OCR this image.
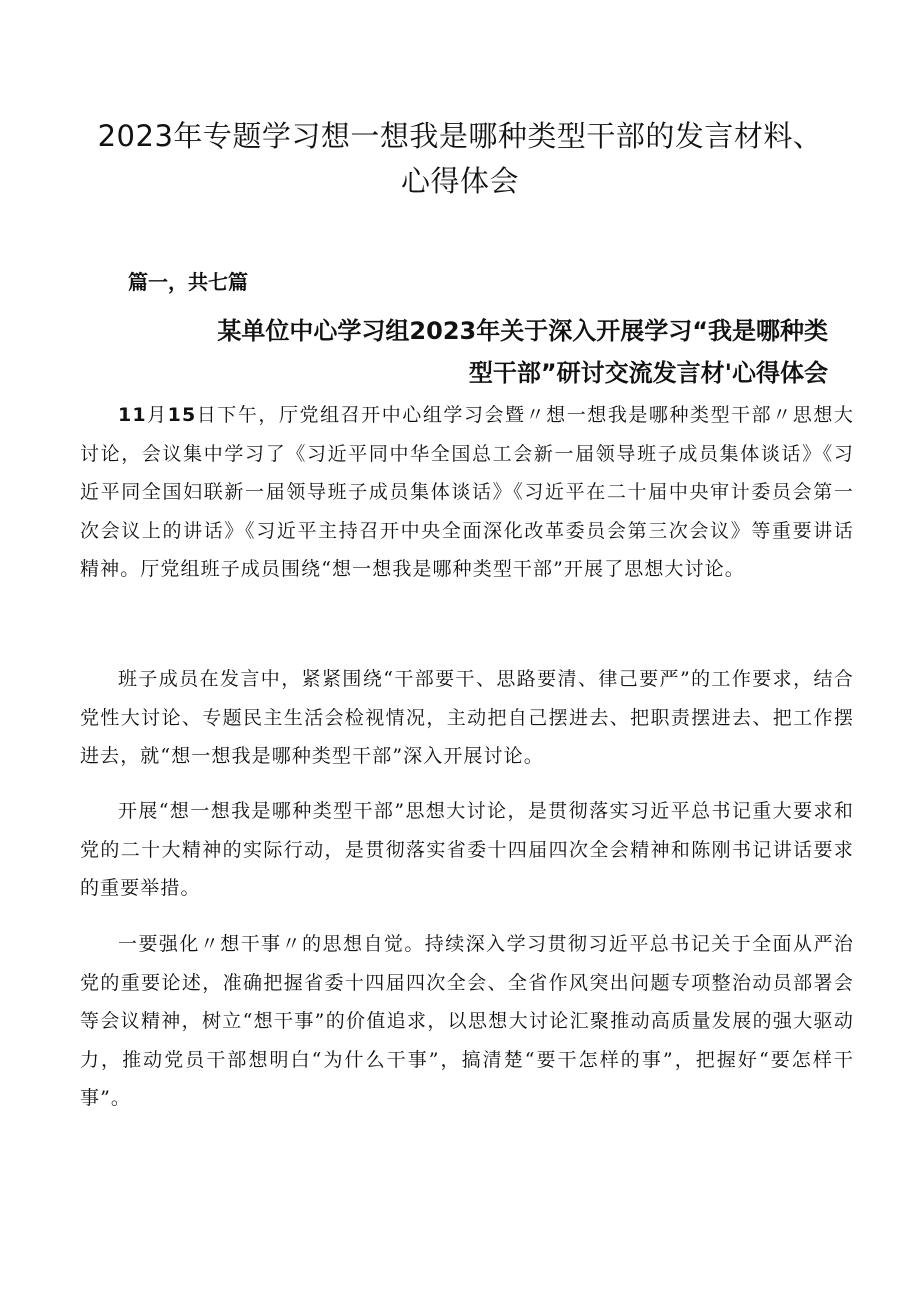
2023年专题学习想一想我是哪种类型干部的发言材料、
心得体会

篇一，共七篇

某单位中心学习组2023年关于深入开展学习“我是哪种类
型干部”研讨交流发言材'心得体会

11月15日下午，厅党组召开中心组学习会暨〃想一想我是哪种类型干部〃思想大讨论，会议集中学习了《习近平同中华全国总工会新一届领导班子成员集体谈话》《习近平同全国妇联新一届领导班子成员集体谈话》《习近平在二十届中央审计委员会第一次会议上的讲话》《习近平主持召开中央全面深化改革委员会第三次会议》等重要讲话精神。厅党组班子成员围绕“想一想我是哪种类型干部”开展了思想大讨论。

班子成员在发言中，紧紧围绕“干部要干、思路要清、律己要严”的工作要求，结合党性大讨论、专题民主生活会检视情况，主动把自己摆进去、把职责摆进去、把工作摆进去，就“想一想我是哪种类型干部”深入开展讨论。

开展“想一想我是哪种类型干部”思想大讨论，是贯彻落实习近平总书记重大要求和党的二十大精神的实际行动，是贯彻落实省委十四届四次全会精神和陈刚书记讲话要求的重要举措。

一要强化〃想干事〃的思想自觉。持续深入学习贯彻习近平总书记关于全面从严治党的重要论述，准确把握省委十四届四次全会、全省作风突出问题专项整治动员部署会等会议精神，树立“想干事”的价值追求，以思想大讨论汇聚推动高质量发展的强大驱动力，推动党员干部想明白“为什么干事”，搞清楚“要干怎样的事”，把握好“要怎样干事”。
